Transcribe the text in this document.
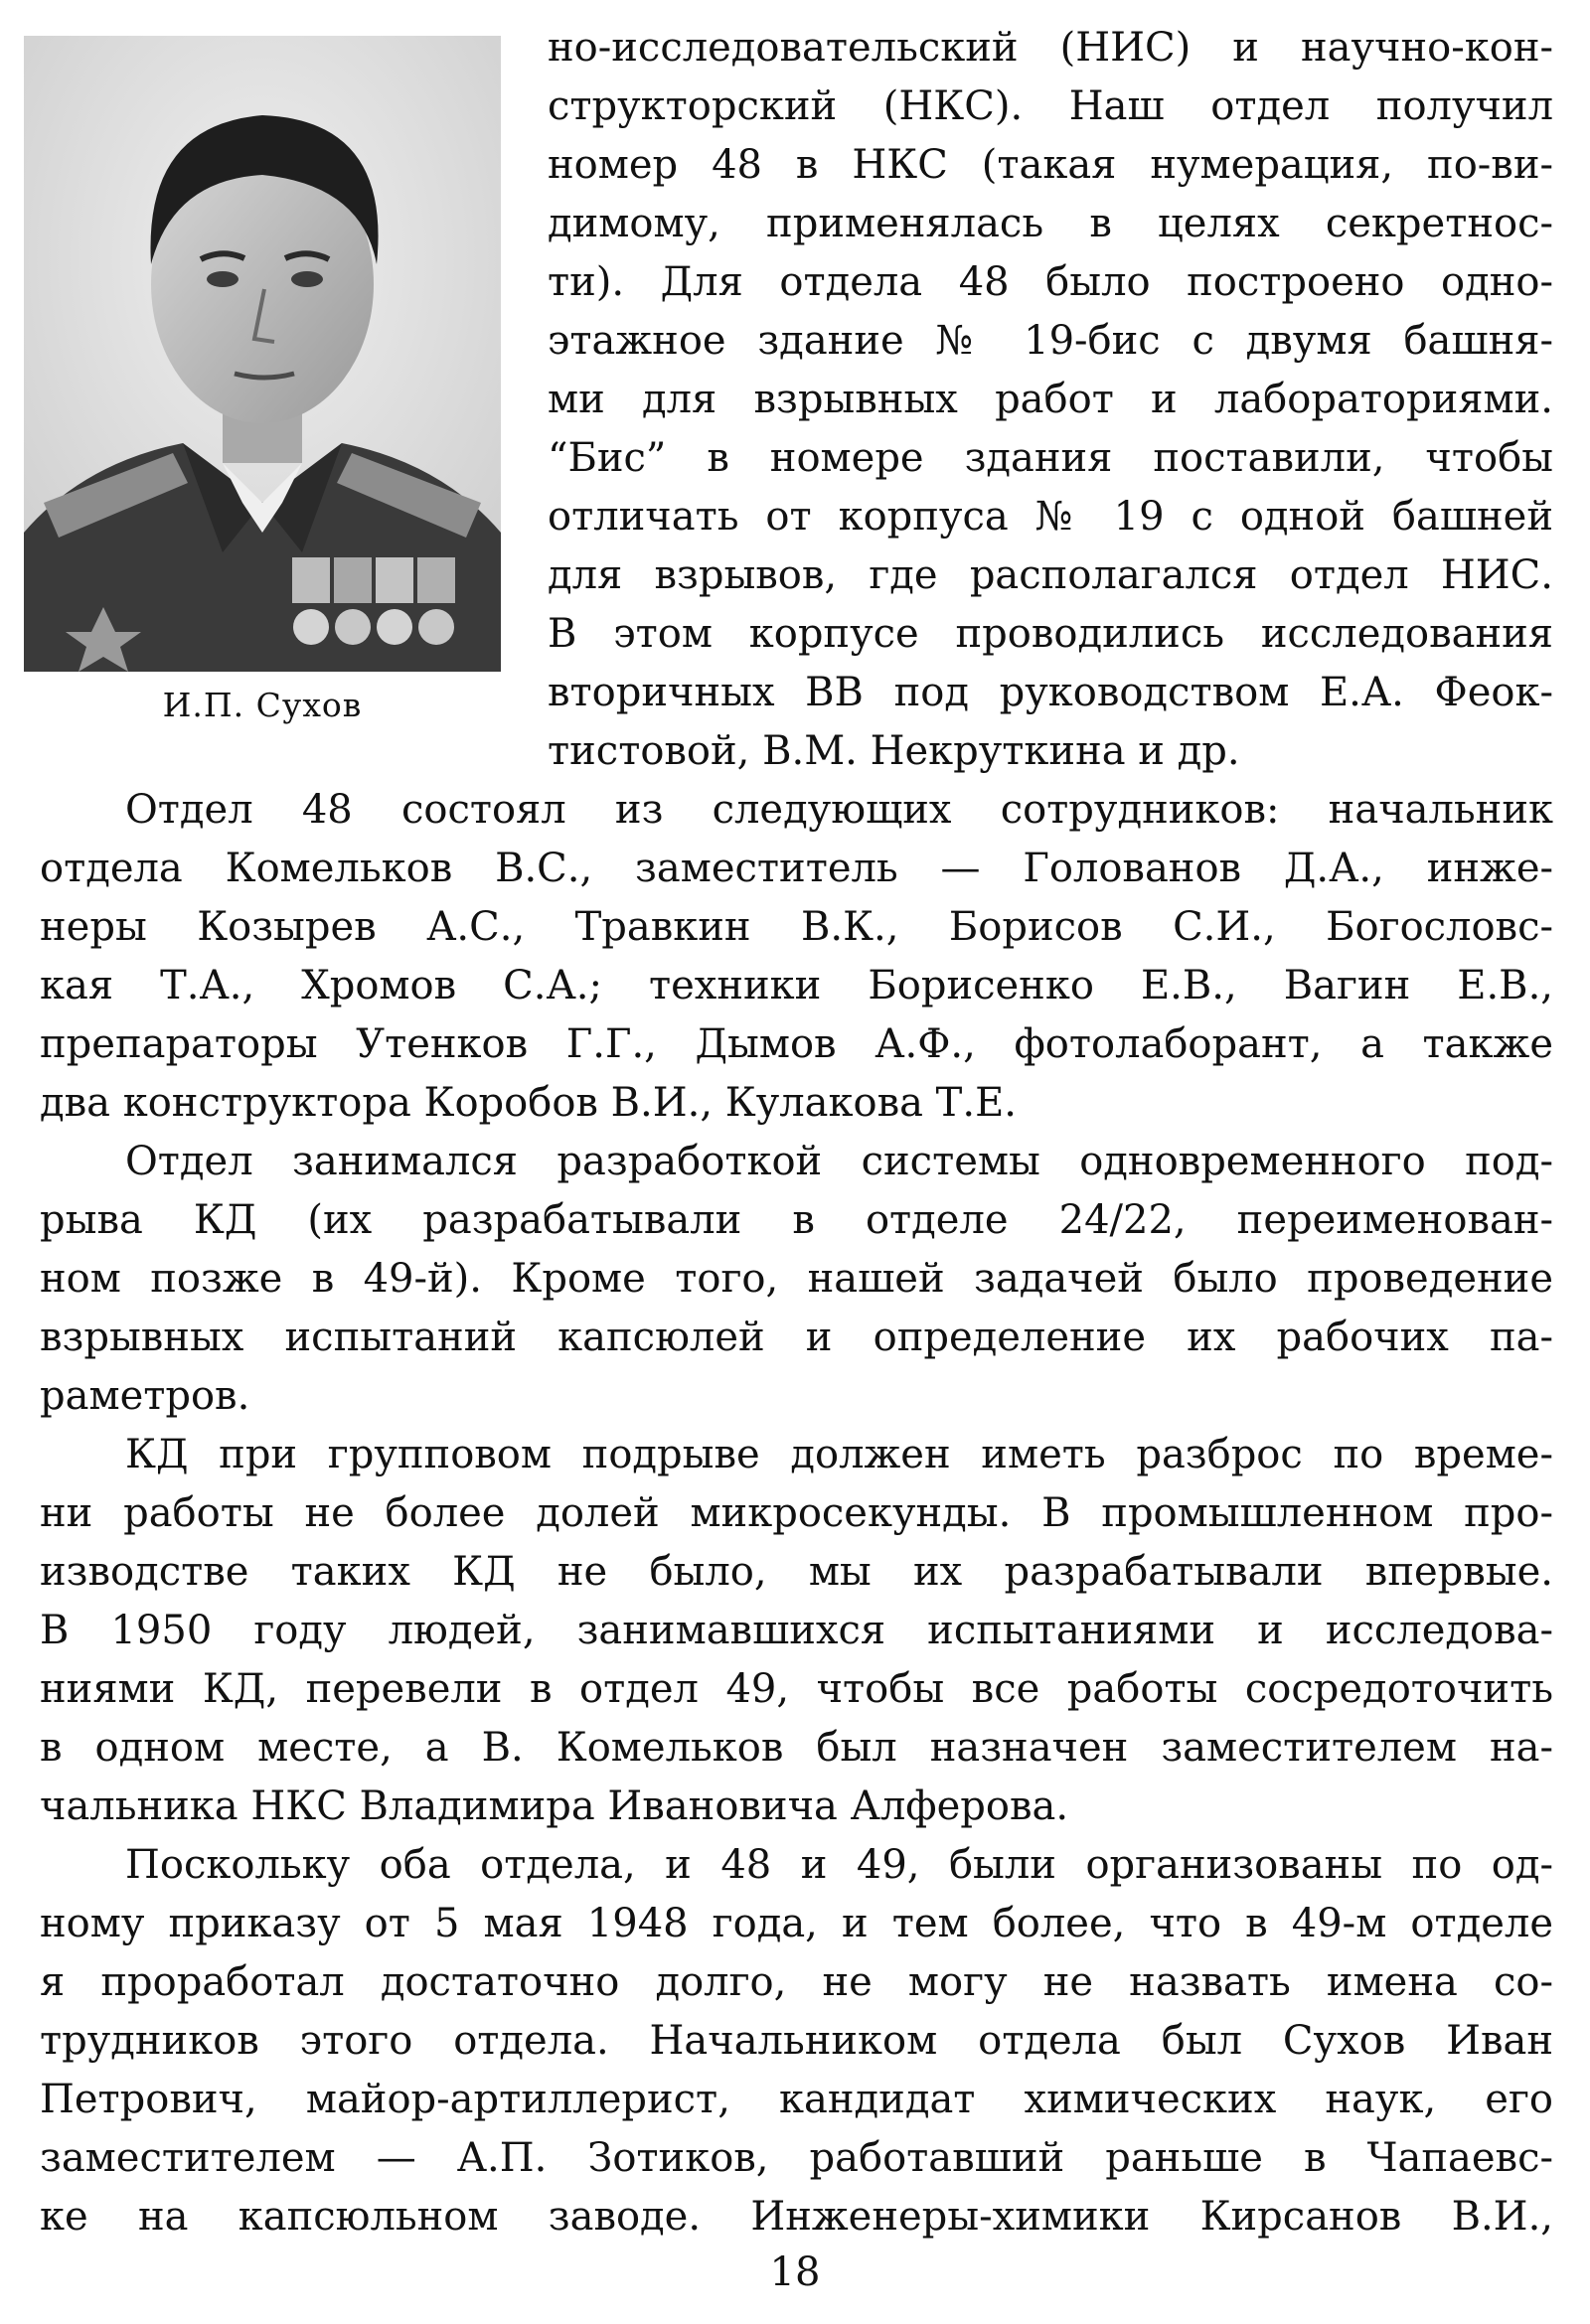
И.П. Сухов
но-исследовательский (НИС) и научно-кон-
структорский (НКС). Наш отдел получил
номер 48 в НКС (такая нумерация, по-ви-
димому, применялась в целях секретнос-
ти). Для отдела 48 было построено одно-
этажное здание № 19-бис с двумя башня-
ми для взрывных работ и лабораториями.
“Бис” в номере здания поставили, чтобы
отличать от корпуса № 19 с одной башней
для взрывов, где располагался отдел НИС.
В этом корпусе проводились исследования
вторичных ВВ под руководством Е.А. Феок-
тистовой, В.М. Некруткина и др.
Отдел 48 состоял из следующих сотрудников: начальник
отдела Комельков В.С., заместитель — Голованов Д.А., инже-
неры Козырев А.С., Травкин В.К., Борисов С.И., Богословс-
кая Т.А., Хромов С.А.; техники Борисенко Е.В., Вагин Е.В.,
препараторы Утенков Г.Г., Дымов А.Ф., фотолаборант, а также
два конструктора Коробов В.И., Кулакова Т.Е.
Отдел занимался разработкой системы одновременного под-
рыва КД (их разрабатывали в отделе 24/22, переименован-
ном позже в 49-й). Кроме того, нашей задачей было проведение
взрывных испытаний капсюлей и определение их рабочих па-
раметров.
КД при групповом подрыве должен иметь разброс по време-
ни работы не более долей микросекунды. В промышленном про-
изводстве таких КД не было, мы их разрабатывали впервые.
В 1950 году людей, занимавшихся испытаниями и исследова-
ниями КД, перевели в отдел 49, чтобы все работы сосредоточить
в одном месте, а В. Комельков был назначен заместителем на-
чальника НКС Владимира Ивановича Алферова.
Поскольку оба отдела, и 48 и 49, были организованы по од-
ному приказу от 5 мая 1948 года, и тем более, что в 49-м отделе
я проработал достаточно долго, не могу не назвать имена со-
трудников этого отдела. Начальником отдела был Сухов Иван
Петрович, майор-артиллерист, кандидат химических наук, его
заместителем — А.П. Зотиков, работавший раньше в Чапаевс-
ке на капсюльном заводе. Инженеры-химики Кирсанов В.И.,
18
